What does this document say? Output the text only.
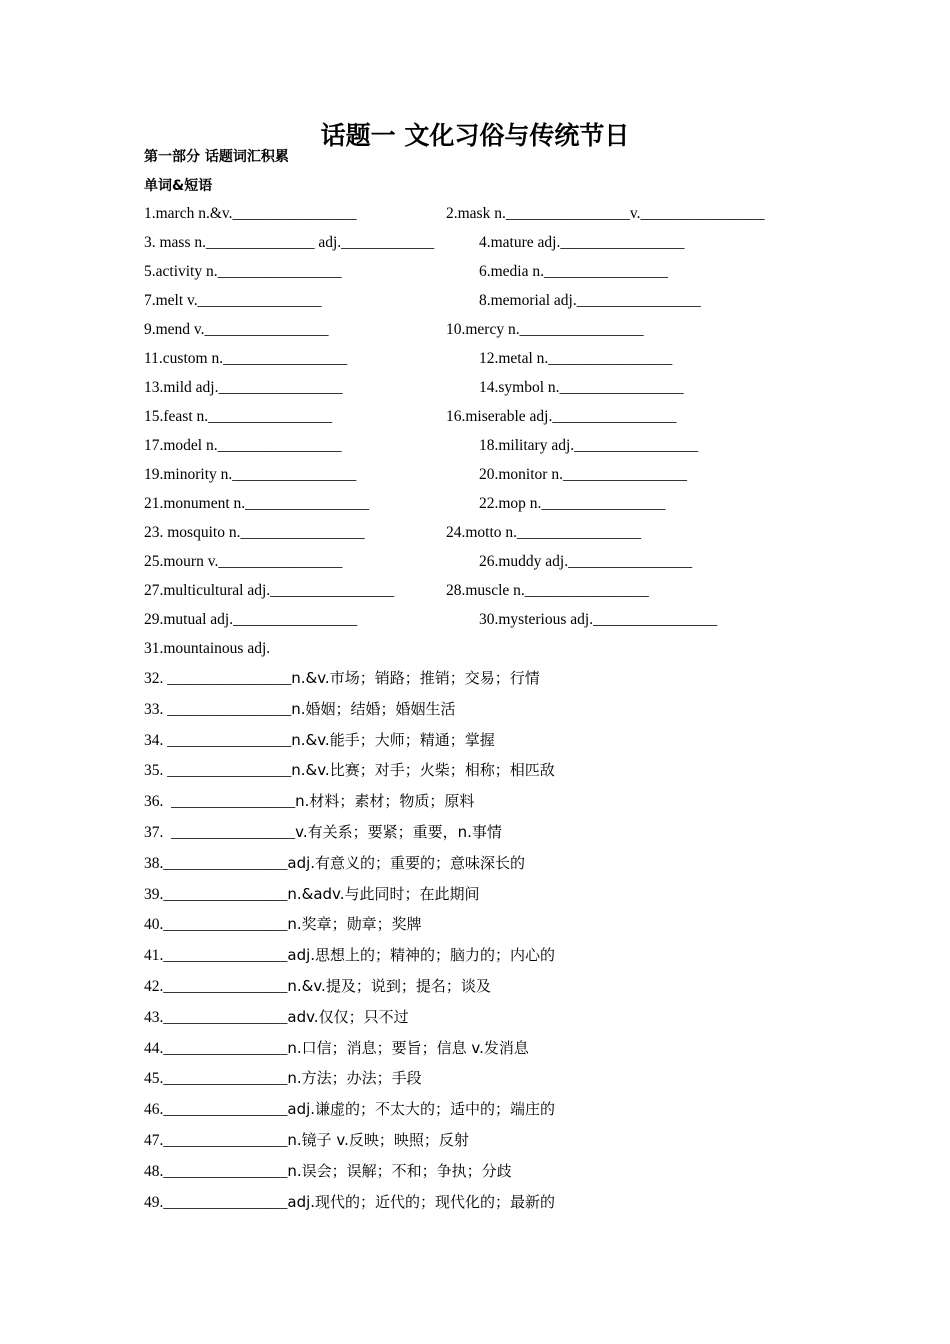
话题一 文化习俗与传统节日
第一部分 话题词汇积累
单词&短语
1.march n.&v.________________	2.mask n.________________v.________________
3. mass n.______________ adj.____________	4.mature adj.________________
5.activity n.________________	6.media n.________________
7.melt v.________________	8.memorial adj.________________
9.mend v.________________	10.mercy n.________________
11.custom n.________________	12.metal n.________________
13.mild adj.________________	14.symbol n.________________
15.feast n.________________	16.miserable adj.________________
17.model n.________________	18.military adj.________________
19.minority n.________________	20.monitor n.________________
21.monument n.________________	22.mop n.________________
23. mosquito n.________________	24.motto n.________________
25.mourn v.________________	26.muddy adj.________________
27.multicultural adj.________________	28.muscle n.________________
29.mutual adj.________________	30.mysterious adj.________________
31.mountainous adj.
32. ________________n.&v.市场；销路；推销；交易；行情
33. ________________n.婚姻；结婚；婚姻生活
34. ________________n.&v.能手；大师；精通；掌握
35. ________________n.&v.比赛；对手；火柴；相称；相匹敌
36.  ________________n.材料；素材；物质；原料
37.  ________________v.有关系；要紧；重要，n.事情
38.________________adj.有意义的；重要的；意味深长的
39.________________n.&adv.与此同时；在此期间
40.________________n.奖章；勋章；奖牌
41.________________adj.思想上的；精神的；脑力的；内心的
42.________________n.&v.提及；说到；提名；谈及
43.________________adv.仅仅；只不过
44.________________n.口信；消息；要旨；信息 v.发消息
45.________________n.方法；办法；手段
46.________________adj.谦虚的；不太大的；适中的；端庄的
47.________________n.镜子 v.反映；映照；反射
48.________________n.误会；误解；不和；争执；分歧
49.________________adj.现代的；近代的；现代化的；最新的
